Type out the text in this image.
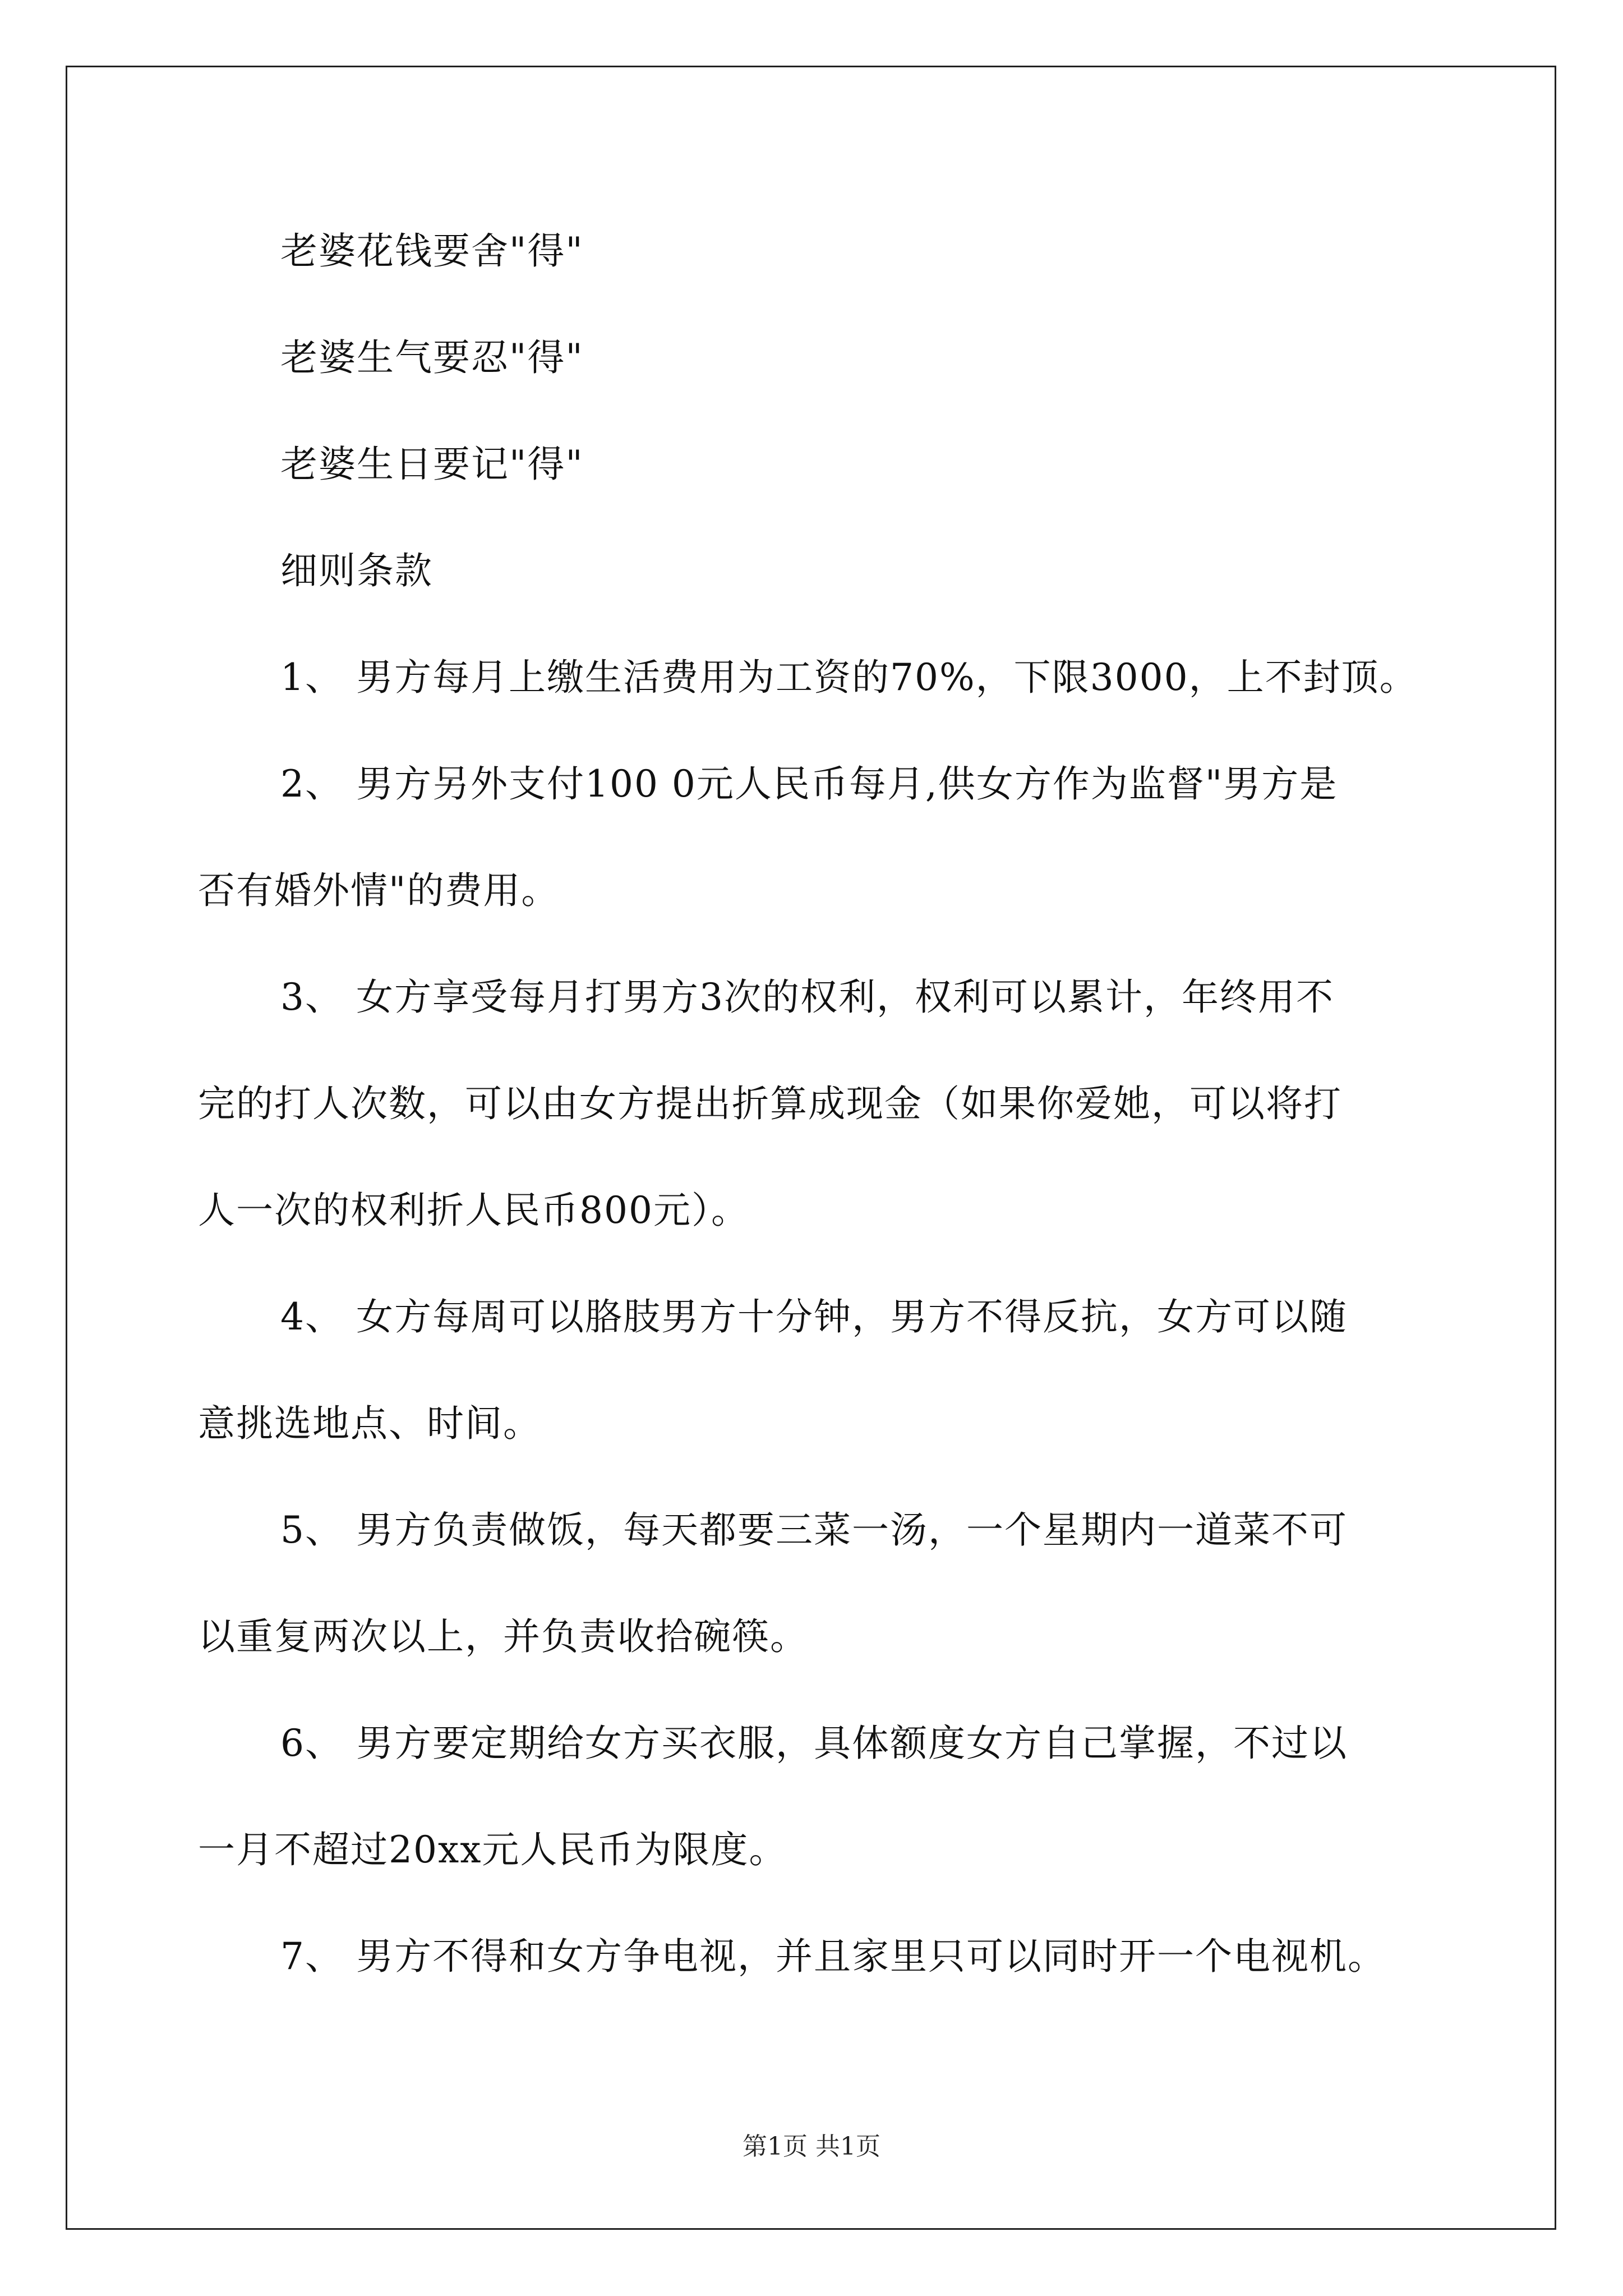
老婆花钱要舍"得"
老婆生气要忍"得"
老婆生日要记"得"
细则条款
1、 男方每月上缴生活费用为工资的70%，下限3000，上不封顶。
2、 男方另外支付100 0元人民币每月,供女方作为监督"男方是
否有婚外情"的费用。
3、 女方享受每月打男方3次的权利，权利可以累计，年终用不
完的打人次数，可以由女方提出折算成现金（如果你爱她，可以将打
人一次的权利折人民币800元）。
4、 女方每周可以胳肢男方十分钟，男方不得反抗，女方可以随
意挑选地点、时间。
5、 男方负责做饭，每天都要三菜一汤，一个星期内一道菜不可
以重复两次以上，并负责收拾碗筷。
6、 男方要定期给女方买衣服，具体额度女方自己掌握，不过以
一月不超过20xx元人民币为限度。
7、 男方不得和女方争电视，并且家里只可以同时开一个电视机。
第1页 共1页
